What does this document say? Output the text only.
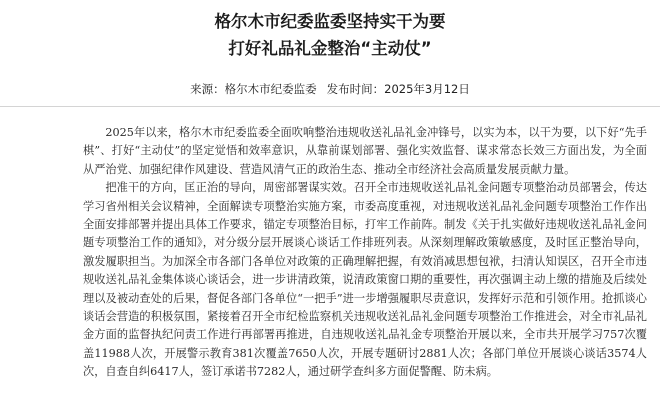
格尔木市纪委监委坚持实干为要
打好礼品礼金整治“主动仗”
来源：格尔木市纪委监委 发布时间：2025年3月12日

2025年以来，格尔木市纪委监委全面吹响整治违规收送礼品礼金冲锋号，以实为本，以干为要，以下好“先手棋”、打好“主动仗”的坚定觉悟和效率意识，从靠前谋划部署、强化实效监督、谋求常态长效三方面出发，为全面从严治党、加强纪律作风建设、营造风清气正的政治生态、推动全市经济社会高质量发展贡献力量。

把准干的方向，匡正治的导向，周密部署谋实效。召开全市违规收送礼品礼金问题专项整治动员部署会，传达学习省州相关会议精神，全面解读专项整治实施方案，市委高度重视，对违规收送礼品礼金问题专项整治工作作出全面安排部署并提出具体工作要求，锚定专项整治目标，打牢工作前阵。制发《关于扎实做好违规收送礼品礼金问题专项整治工作的通知》，对分级分层开展谈心谈话工作排班列表。从深刻理解政策敏感度，及时匡正整治导向，激发履职担当。为加深全市各部门各单位对政策的正确理解把握，有效消减思想包袱，扫清认知误区，召开全市违规收送礼品礼金集体谈心谈话会，进一步讲清政策，说清政策窗口期的重要性，再次强调主动上缴的措施及后续处理以及被动查处的后果，督促各部门各单位“一把手”进一步增强履职尽责意识，发挥好示范和引领作用。抢抓谈心谈话会营造的积极氛围，紧接着召开全市纪检监察机关违规收送礼品礼金问题专项整治工作推进会，对全市礼品礼金方面的监督执纪问责工作进行再部署再推进，自违规收送礼品礼金专项整治开展以来，全市共开展学习757次覆盖11988人次，开展警示教育381次覆盖7650人次，开展专题研讨2881人次；各部门单位开展谈心谈话3574人次，自查自纠6417人，签订承诺书7282人，通过研学查纠多方面促警醒、防未病。
